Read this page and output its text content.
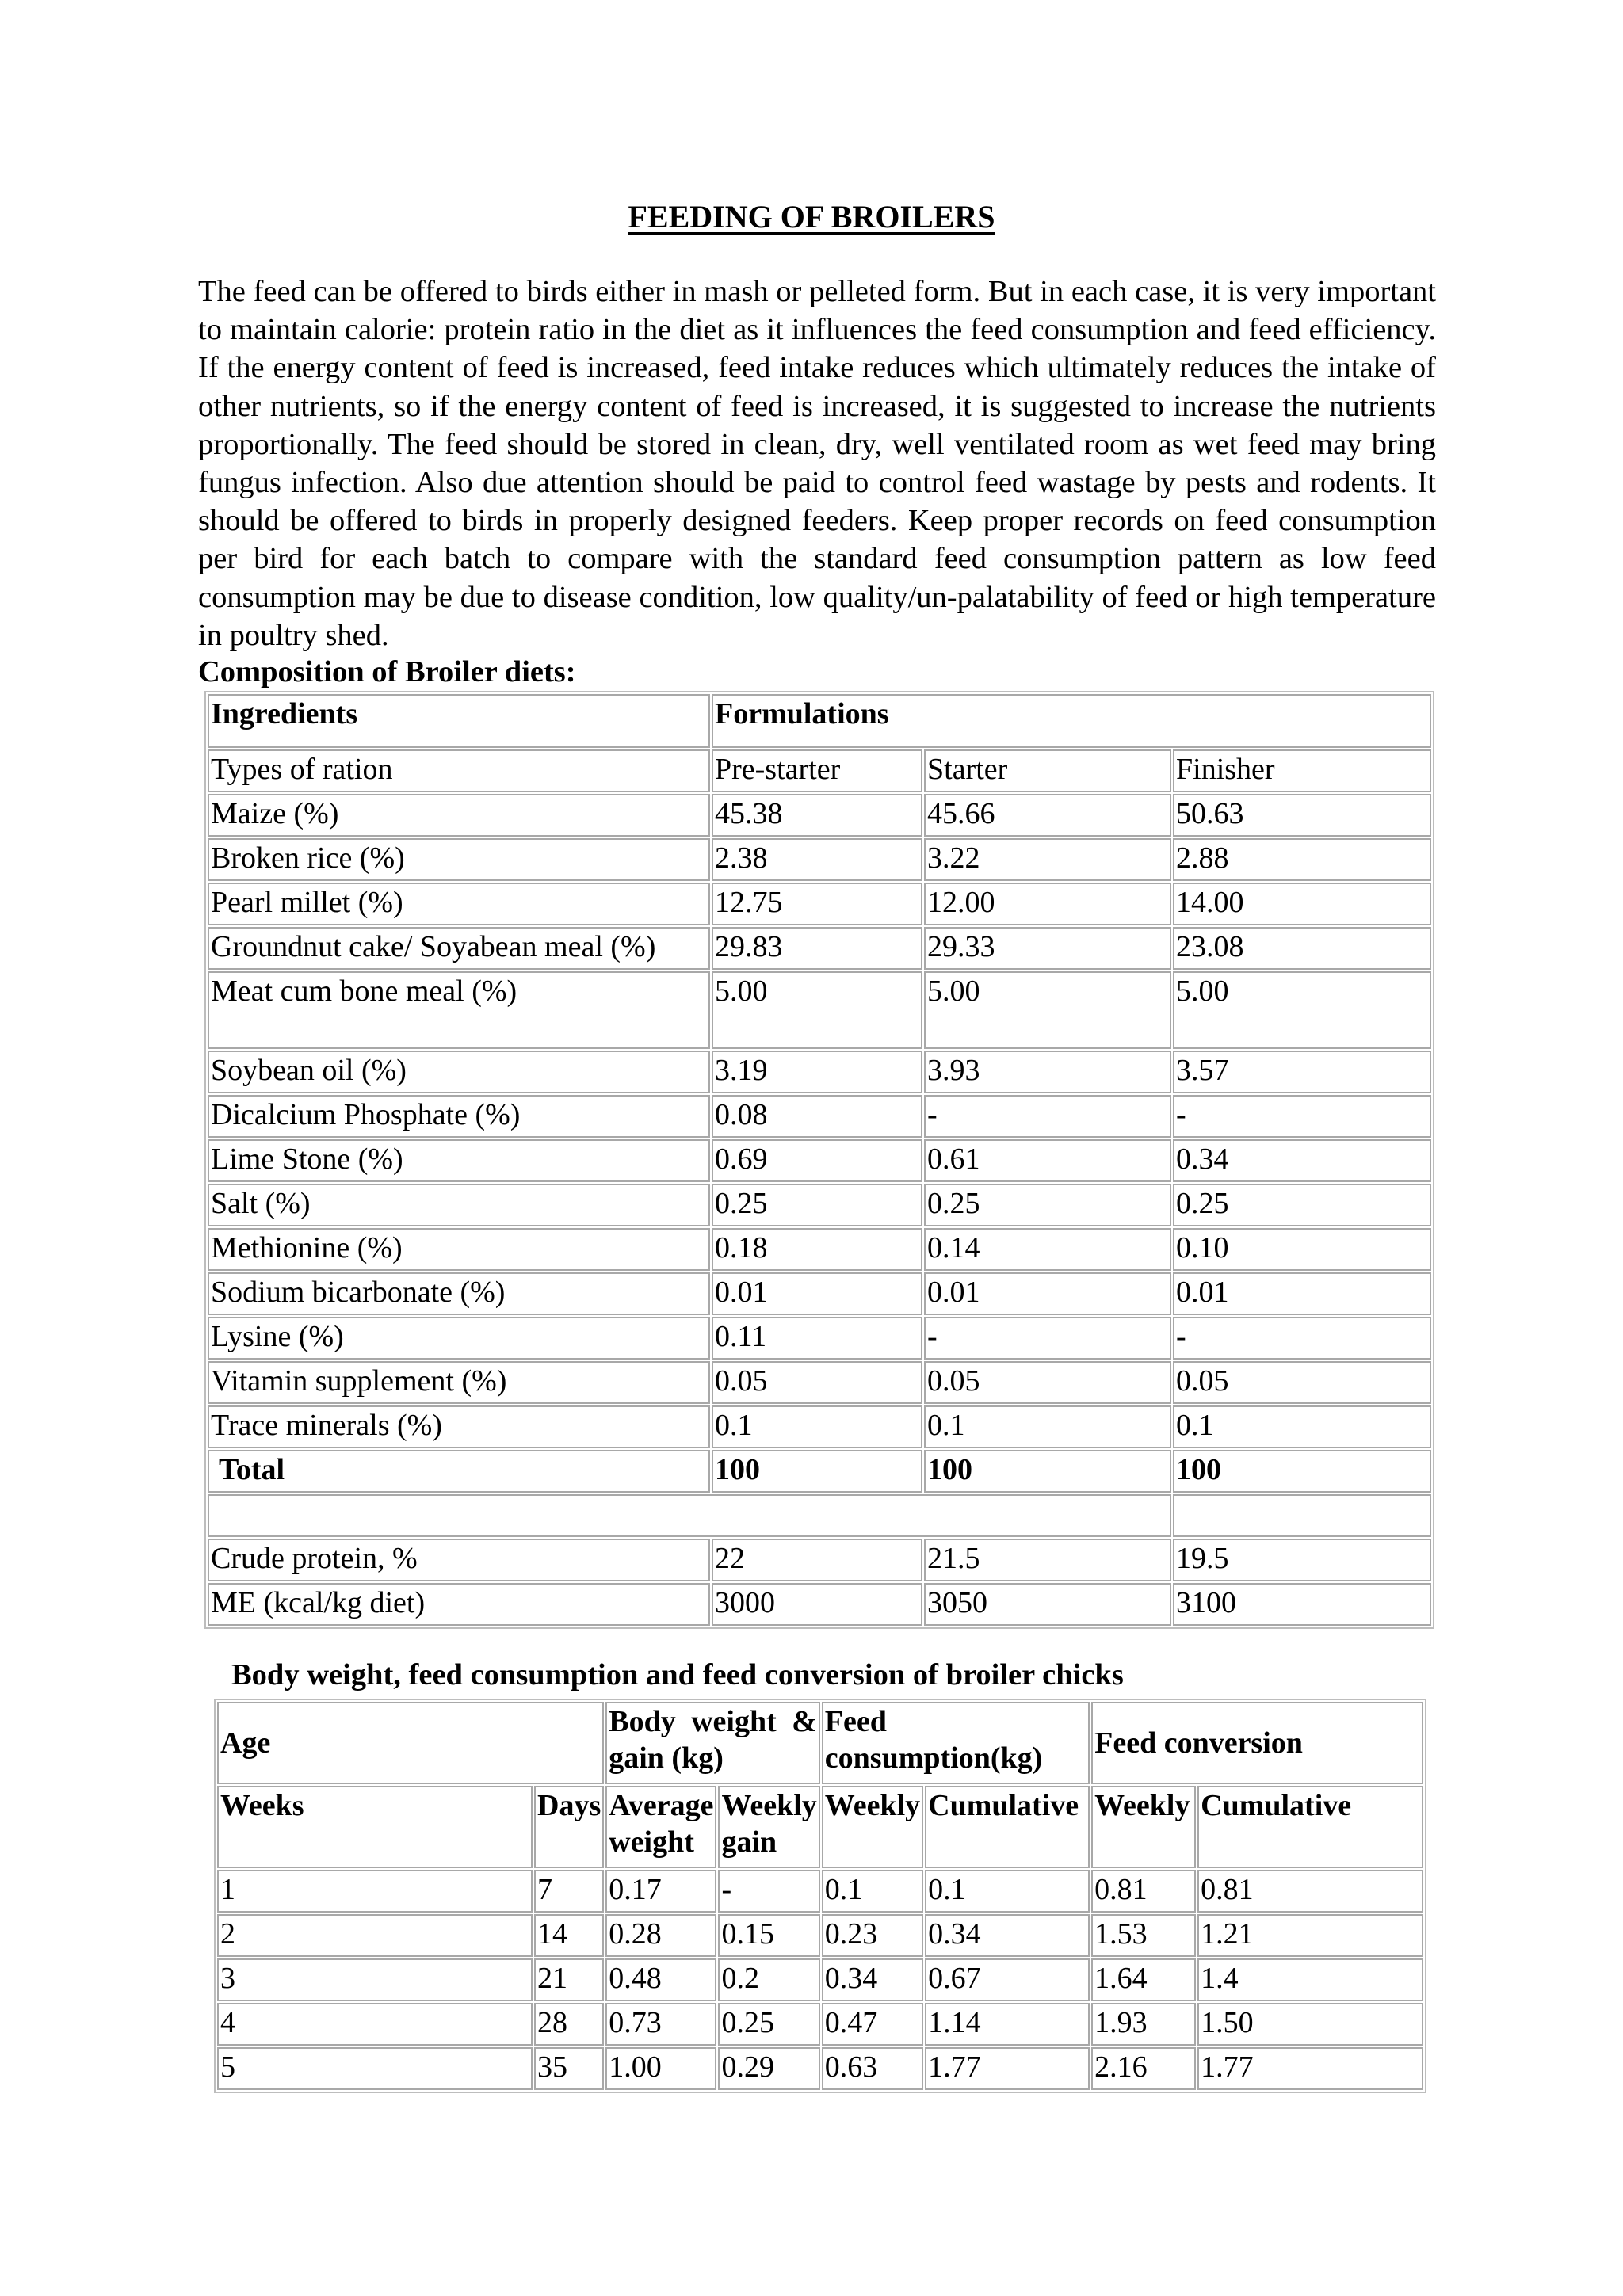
FEEDING OF BROILERS

The feed can be offered to birds either in mash or pelleted form. But in each case, it is very important to maintain calorie: protein ratio in the diet as it influences the feed consumption and feed efficiency. If the energy content of feed is increased, feed intake reduces which ultimately reduces the intake of other nutrients, so if the energy content of feed is increased, it is suggested to increase the nutrients proportionally. The feed should be stored in clean, dry, well ventilated room as wet feed may bring fungus infection. Also due attention should be paid to control feed wastage by pests and rodents. It should be offered to birds in properly designed feeders. Keep proper records on feed consumption per bird for each batch to compare with the standard feed consumption pattern as low feed consumption may be due to disease condition, low quality/un-palatability of feed or high temperature in poultry shed.

Composition of Broiler diets:

Ingredients	Formulations		
Types of ration	Pre-starter	Starter	Finisher
Maize (%)	45.38	45.66	50.63
Broken rice (%)	2.38	3.22	2.88
Pearl millet (%)	12.75	12.00	14.00
Groundnut cake/ Soyabean meal (%)	29.83	29.33	23.08
Meat cum bone meal (%)	5.00	5.00	5.00
Soybean oil (%)	3.19	3.93	3.57
Dicalcium Phosphate (%)	0.08	-	-
Lime Stone (%)	0.69	0.61	0.34
Salt (%)	0.25	0.25	0.25
Methionine (%)	0.18	0.14	0.10
Sodium bicarbonate (%)	0.01	0.01	0.01
Lysine (%)	0.11	-	-
Vitamin supplement (%)	0.05	0.05	0.05
Trace minerals (%)	0.1	0.1	0.1
Total	100	100	100

Crude protein, %	22	21.5	19.5
ME (kcal/kg diet)	3000	3050	3100

Body weight, feed consumption and feed conversion of broiler chicks

Age		Body weight & gain (kg)		Feed consumption(kg)		Feed conversion	
Weeks	Days	Average weight	Weekly gain	Weekly	Cumulative	Weekly	Cumulative
1	7	0.17	-	0.1	0.1	0.81	0.81
2	14	0.28	0.15	0.23	0.34	1.53	1.21
3	21	0.48	0.2	0.34	0.67	1.64	1.4
4	28	0.73	0.25	0.47	1.14	1.93	1.50
5	35	1.00	0.29	0.63	1.77	2.16	1.77
